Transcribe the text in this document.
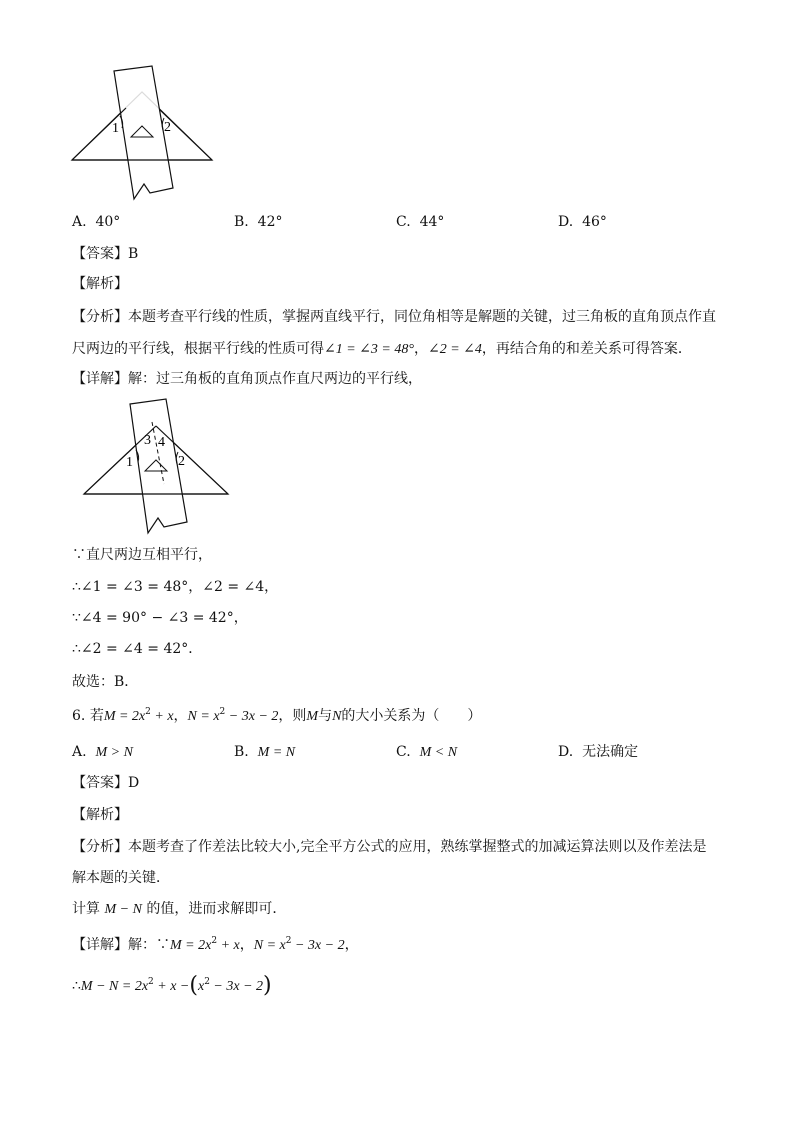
1	2
A. 40°	B. 42°	C. 44°	D. 46°
【答案】B
【解析】
【分析】本题考查平行线的性质，掌握两直线平行，同位角相等是解题的关键，过三角板的直角顶点作直
尺两边的平行线，根据平行线的性质可得∠1 = ∠3 = 48°，∠2 = ∠4，再结合角的和差关系可得答案．
【详解】解：过三角板的直角顶点作直尺两边的平行线，
1	2
3 4
∵直尺两边互相平行，
∴∠1 = ∠3 = 48°，∠2 = ∠4，
∵∠4 = 90° − ∠3 = 42°，
∴∠2 = ∠4 = 42°．
故选：B．
6. 若$M = 2x^2 + x$，$N = x^2 - 3x - 2$，则M与N的大小关系为（　　）
A. M > N	B. M = N	C. M < N	D. 无法确定
【答案】D
【解析】
【分析】本题考查了作差法比较大小,完全平方公式的应用，熟练掌握整式的加减运算法则以及作差法是
解本题的关键．
计算 M − N 的值，进而求解即可．
【详解】解：∵M = $2x^2 + x$，$N = x^2 - 3x - 2$，
∴M − $N = 2x^2 + x -(x^2 - 3x - 2)$
